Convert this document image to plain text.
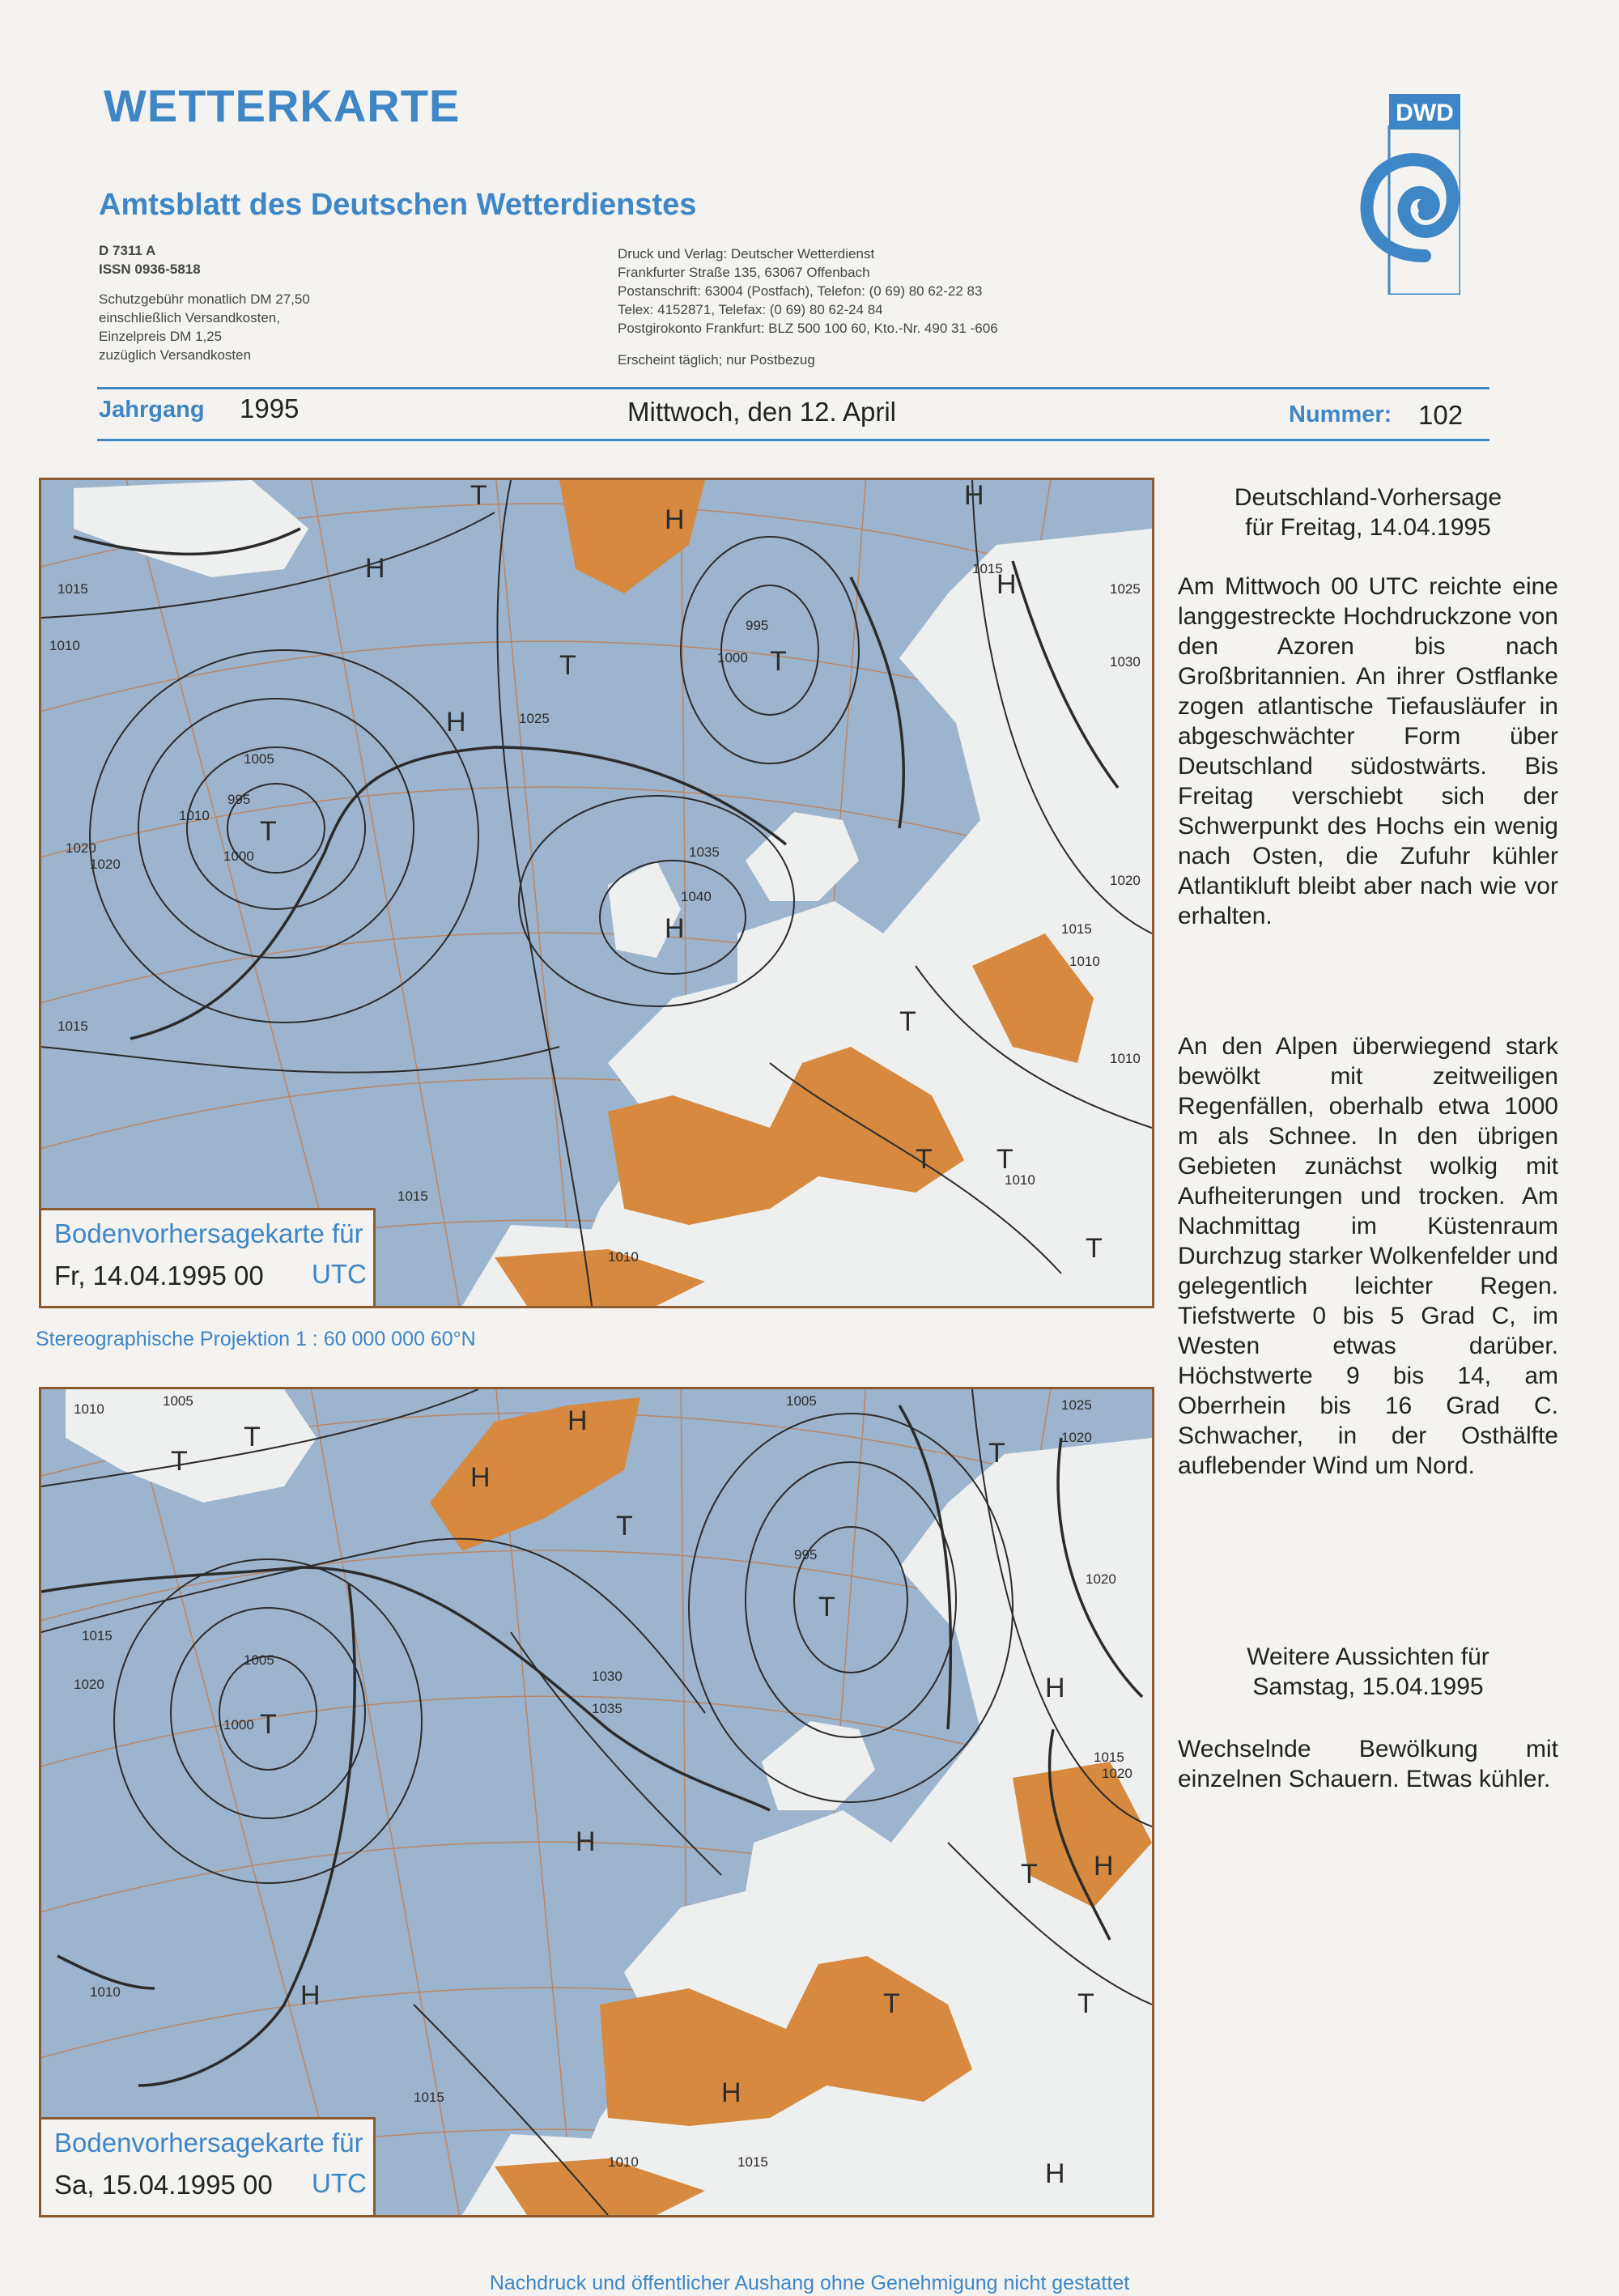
WETTERKARTE
Amtsblatt des Deutschen Wetterdienstes
D 7311 A
ISSN 0936-5818
Schutzgebühr monatlich DM 27,50
einschließlich Versandkosten,
Einzelpreis DM 1,25
zuzüglich Versandkosten
Druck und Verlag: Deutscher Wetterdienst
Frankfurter Straße 135, 63067 Offenbach
Postanschrift: 63004 (Postfach), Telefon: (0 69) 80 62-22 83
Telex: 4152871, Telefax: (0 69) 80 62-24 84
Postgirokonto Frankfurt: BLZ 500 100 60, Kto.-Nr. 490 31 -606
Erscheint täglich; nur Postbezug
DWD
Jahrgang 1995	Mittwoch, den 12. April	Nummer: 102
1015
1010
1020
1015
1005
995
1000
1010
1020
1025
1035
1040
1000
995
1015
1025
1030
1020
1015
1010
1010
1010
1015
1010
H
H
T
H
T
T
H
T
H
T
T
T
H
T
Bodenvorhersagekarte für
Fr, 14.04.1995 00 UTC
Stereographische Projektion 1 : 60 000 000 60°N
1010
1005
1015
1020
1005
1000
1030
1035
995
1005	1025
1020
1020
1015
1020
1015
1010	1015
1010
T
T
H
H
T
T
T
H
H
T
H
H
T
T
H
H
T
Bodenvorhersagekarte für
Sa, 15.04.1995 00 UTC
Deutschland-Vorhersage
für Freitag, 14.04.1995
Am Mittwoch 00 UTC reichte eine langgestreckte Hochdruckzone von den Azoren bis nach Großbritannien. An ihrer Ostflanke zogen atlantische Tiefausläufer in abgeschwächter Form über Deutschland südostwärts. Bis Freitag verschiebt sich der Schwerpunkt des Hochs ein wenig nach Osten, die Zufuhr kühler Atlantikluft bleibt aber nach wie vor erhalten.
An den Alpen überwiegend stark bewölkt mit zeitweiligen Regenfällen, oberhalb etwa 1000 m als Schnee. In den übrigen Gebieten zunächst wolkig mit Aufheiterungen und trocken. Am Nachmittag im Küstenraum Durchzug starker Wolkenfelder und gelegentlich leichter Regen. Tiefstwerte 0 bis 5 Grad C, im Westen etwas darüber. Höchstwerte 9 bis 14, am Oberrhein bis 16 Grad C. Schwacher, in der Osthälfte auflebender Wind um Nord.
Weitere Aussichten für
Samstag, 15.04.1995
Wechselnde Bewölkung mit einzelnen Schauern. Etwas kühler.
Nachdruck und öffentlicher Aushang ohne Genehmigung nicht gestattet
